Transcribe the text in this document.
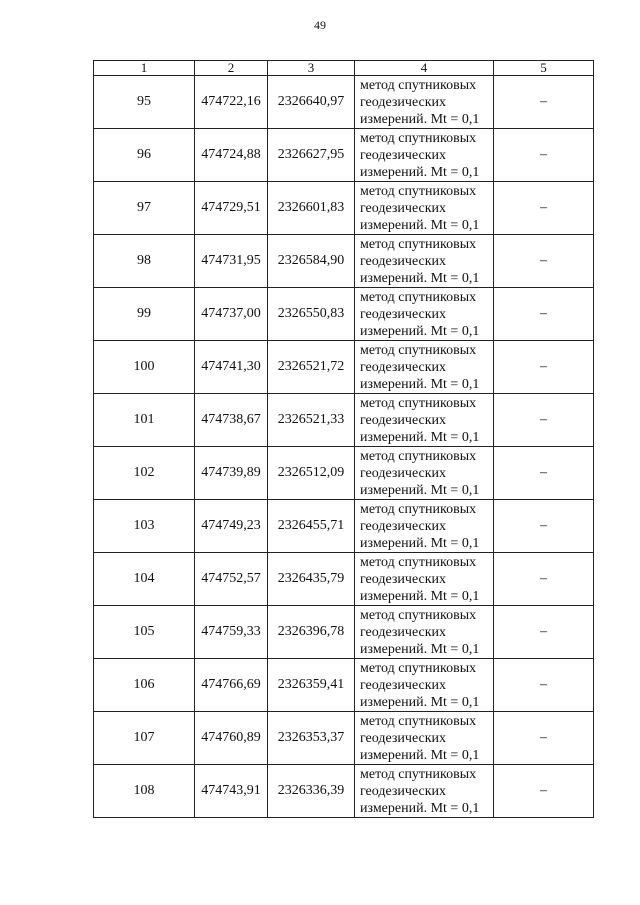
49
1	2	3	4	5
95	474722,16	2326640,97	метод спутниковых
геодезических
измерений. Mt = 0,1	–
96	474724,88	2326627,95	метод спутниковых
геодезических
измерений. Mt = 0,1	–
97	474729,51	2326601,83	метод спутниковых
геодезических
измерений. Mt = 0,1	–
98	474731,95	2326584,90	метод спутниковых
геодезических
измерений. Mt = 0,1	–
99	474737,00	2326550,83	метод спутниковых
геодезических
измерений. Mt = 0,1	–
100	474741,30	2326521,72	метод спутниковых
геодезических
измерений. Mt = 0,1	–
101	474738,67	2326521,33	метод спутниковых
геодезических
измерений. Mt = 0,1	–
102	474739,89	2326512,09	метод спутниковых
геодезических
измерений. Mt = 0,1	–
103	474749,23	2326455,71	метод спутниковых
геодезических
измерений. Mt = 0,1	–
104	474752,57	2326435,79	метод спутниковых
геодезических
измерений. Mt = 0,1	–
105	474759,33	2326396,78	метод спутниковых
геодезических
измерений. Mt = 0,1	–
106	474766,69	2326359,41	метод спутниковых
геодезических
измерений. Mt = 0,1	–
107	474760,89	2326353,37	метод спутниковых
геодезических
измерений. Mt = 0,1	–
108	474743,91	2326336,39	метод спутниковых
геодезических
измерений. Mt = 0,1	–
